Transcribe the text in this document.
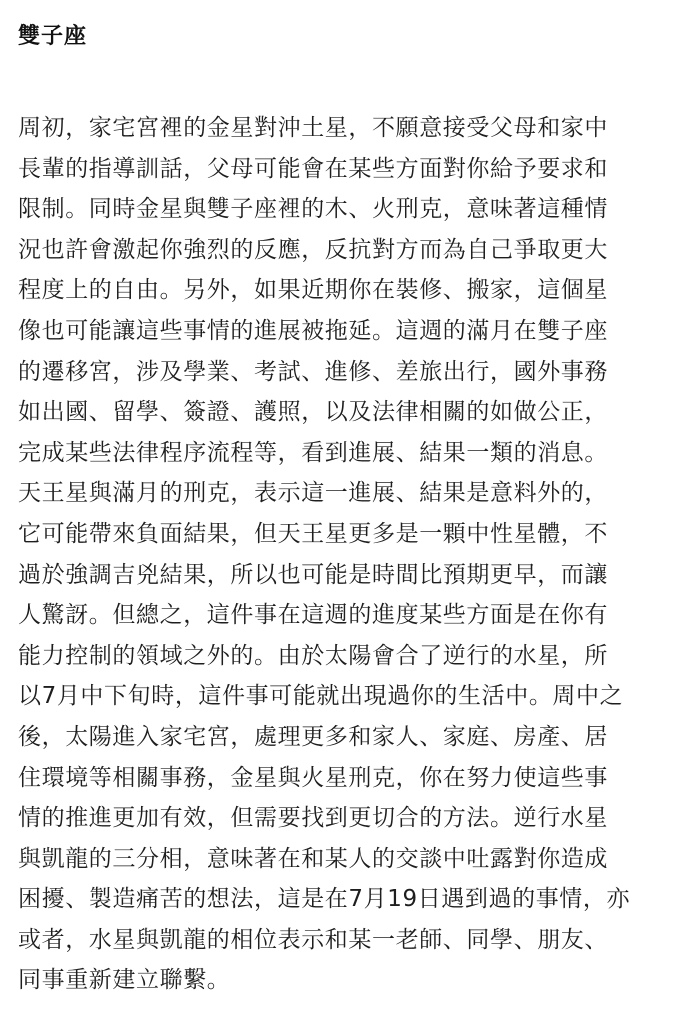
雙子座
周初，家宅宮裡的金星對沖土星，不願意接受父母和家中
長輩的指導訓話，父母可能會在某些方面對你給予要求和
限制。同時金星與雙子座裡的木、火刑克，意味著這種情
況也許會激起你強烈的反應，反抗對方而為自己爭取更大
程度上的自由。另外，如果近期你在裝修、搬家，這個星
像也可能讓這些事情的進展被拖延。這週的滿月在雙子座
的遷移宮，涉及學業、考試、進修、差旅出行，國外事務
如出國、留學、簽證、護照，以及法律相關的如做公正，
完成某些法律程序流程等，看到進展、結果一類的消息。
天王星與滿月的刑克，表示這一進展、結果是意料外的，
它可能帶來負面結果，但天王星更多是一顆中性星體，不
過於強調吉兇結果，所以也可能是時間比預期更早，而讓
人驚訝。但總之，這件事在這週的進度某些方面是在你有
能力控制的領域之外的。由於太陽會合了逆行的水星，所
以7月中下旬時，這件事可能就出現過你的生活中。周中之
後，太陽進入家宅宮，處理更多和家人、家庭、房產、居
住環境等相關事務，金星與火星刑克，你在努力使這些事
情的推進更加有效，但需要找到更切合的方法。逆行水星
與凱龍的三分相，意味著在和某人的交談中吐露對你造成
困擾、製造痛苦的想法，這是在7月19日遇到過的事情，亦
或者，水星與凱龍的相位表示和某一老師、同學、朋友、
同事重新建立聯繫。
